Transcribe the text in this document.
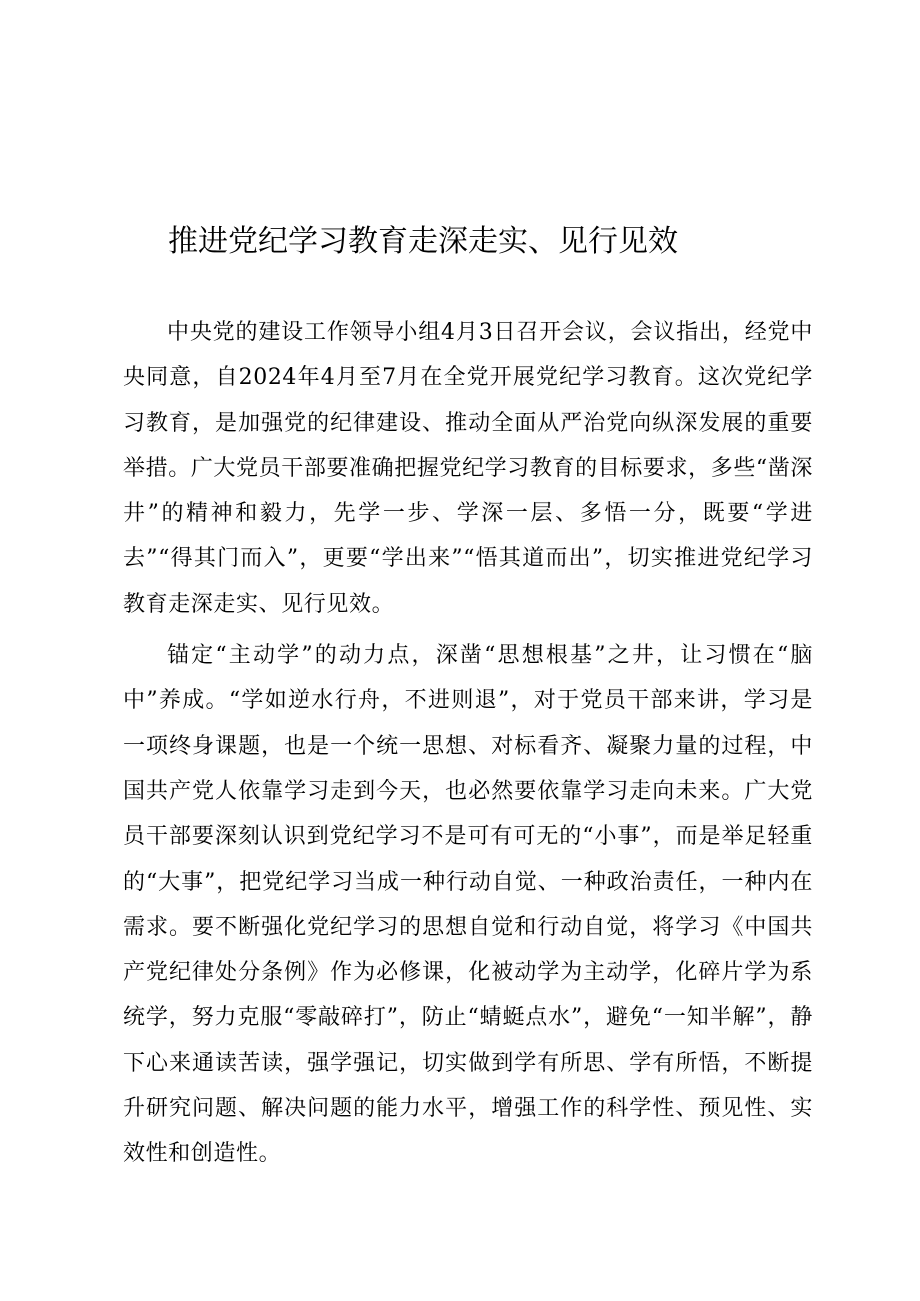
推进党纪学习教育走深走实、见行见效

中央党的建设工作领导小组4月3日召开会议，会议指出，经党中央同意，自2024年4月至7月在全党开展党纪学习教育。这次党纪学习教育，是加强党的纪律建设、推动全面从严治党向纵深发展的重要举措。广大党员干部要准确把握党纪学习教育的目标要求，多些“凿深井”的精神和毅力，先学一步、学深一层、多悟一分，既要“学进去”“得其门而入”，更要“学出来”“悟其道而出”，切实推进党纪学习教育走深走实、见行见效。

锚定“主动学”的动力点，深凿“思想根基”之井，让习惯在“脑中”养成。“学如逆水行舟，不进则退”，对于党员干部来讲，学习是一项终身课题，也是一个统一思想、对标看齐、凝聚力量的过程，中国共产党人依靠学习走到今天，也必然要依靠学习走向未来。广大党员干部要深刻认识到党纪学习不是可有可无的“小事”，而是举足轻重的“大事”，把党纪学习当成一种行动自觉、一种政治责任，一种内在需求。要不断强化党纪学习的思想自觉和行动自觉，将学习《中国共产党纪律处分条例》作为必修课，化被动学为主动学，化碎片学为系统学，努力克服“零敲碎打”，防止“蜻蜓点水”，避免“一知半解”，静下心来通读苦读，强学强记，切实做到学有所思、学有所悟，不断提升研究问题、解决问题的能力水平，增强工作的科学性、预见性、实效性和创造性。
